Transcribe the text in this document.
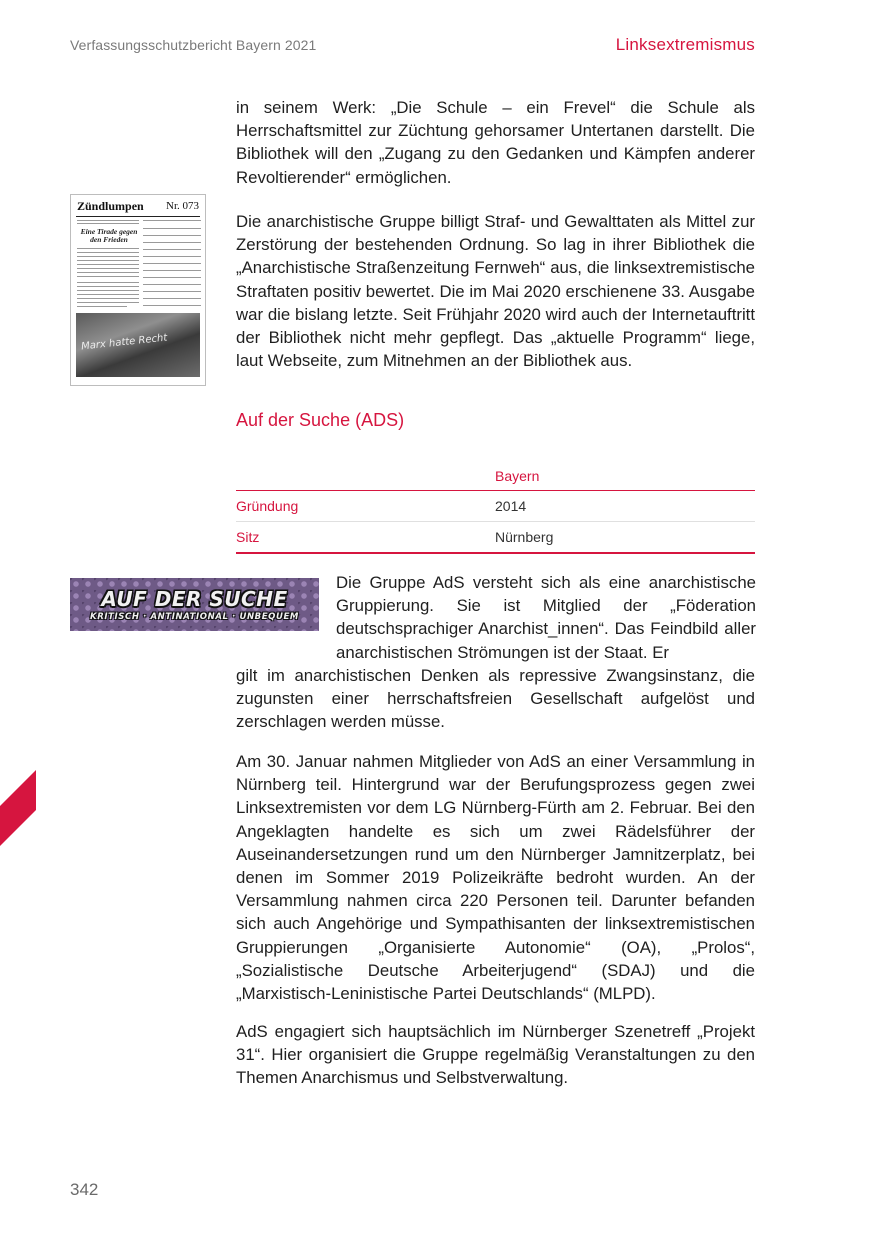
Verfassungsschutzbericht Bayern 2021	Linksextremismus

in seinem Werk: „Die Schule – ein Frevel“ die Schule als Herrschaftsmittel zur Züchtung gehorsamer Untertanen darstellt. Die Bibliothek will den „Zugang zu den Gedanken und Kämpfen anderer Revoltierender“ ermöglichen.

Zündlumpen Nr. 073
Eine Tirade gegen den Frieden
Marx hatte Recht

Die anarchistische Gruppe billigt Straf- und Gewalttaten als Mittel zur Zerstörung der bestehenden Ordnung. So lag in ihrer Bibliothek die „Anarchistische Straßenzeitung Fernweh“ aus, die linksextremistische Straftaten positiv bewertet. Die im Mai 2020 erschienene 33. Ausgabe war die bislang letzte. Seit Frühjahr 2020 wird auch der Internetauftritt der Bibliothek nicht mehr gepflegt. Das „aktuelle Programm“ liege, laut Webseite, zum Mitnehmen an der Bibliothek aus.

Auf der Suche (ADS)
	Bayern
Gründung	2014
Sitz	Nürnberg
AUF DER SUCHE
KRITISCH · ANTINATIONAL · UNBEQUEM

Die Gruppe AdS versteht sich als eine anarchistische Gruppierung. Sie ist Mitglied der „Föderation deutschsprachiger Anarchist_innen“. Das Feindbild aller anarchistischen Strömungen ist der Staat. Er

gilt im anarchistischen Denken als repressive Zwangsinstanz, die zugunsten einer herrschaftsfreien Gesellschaft aufgelöst und zerschlagen werden müsse.

Am 30. Januar nahmen Mitglieder von AdS an einer Versammlung in Nürnberg teil. Hintergrund war der Berufungsprozess gegen zwei Linksextremisten vor dem LG Nürnberg-Fürth am 2. Februar. Bei den Angeklagten handelte es sich um zwei Rädelsführer der Auseinandersetzungen rund um den Nürnberger Jamnitzerplatz, bei denen im Sommer 2019 Polizeikräfte bedroht wurden. An der Versammlung nahmen circa 220 Personen teil. Darunter befanden sich auch Angehörige und Sympathisanten der linksextremistischen Gruppierungen „Organisierte Autonomie“ (OA), „Prolos“, „Sozialistische Deutsche Arbeiterjugend“ (SDAJ) und die „Marxistisch-Leninistische Partei Deutschlands“ (MLPD).

AdS engagiert sich hauptsächlich im Nürnberger Szenetreff „Projekt 31“. Hier organisiert die Gruppe regelmäßig Veranstaltungen zu den Themen Anarchismus und Selbstverwaltung.

342
